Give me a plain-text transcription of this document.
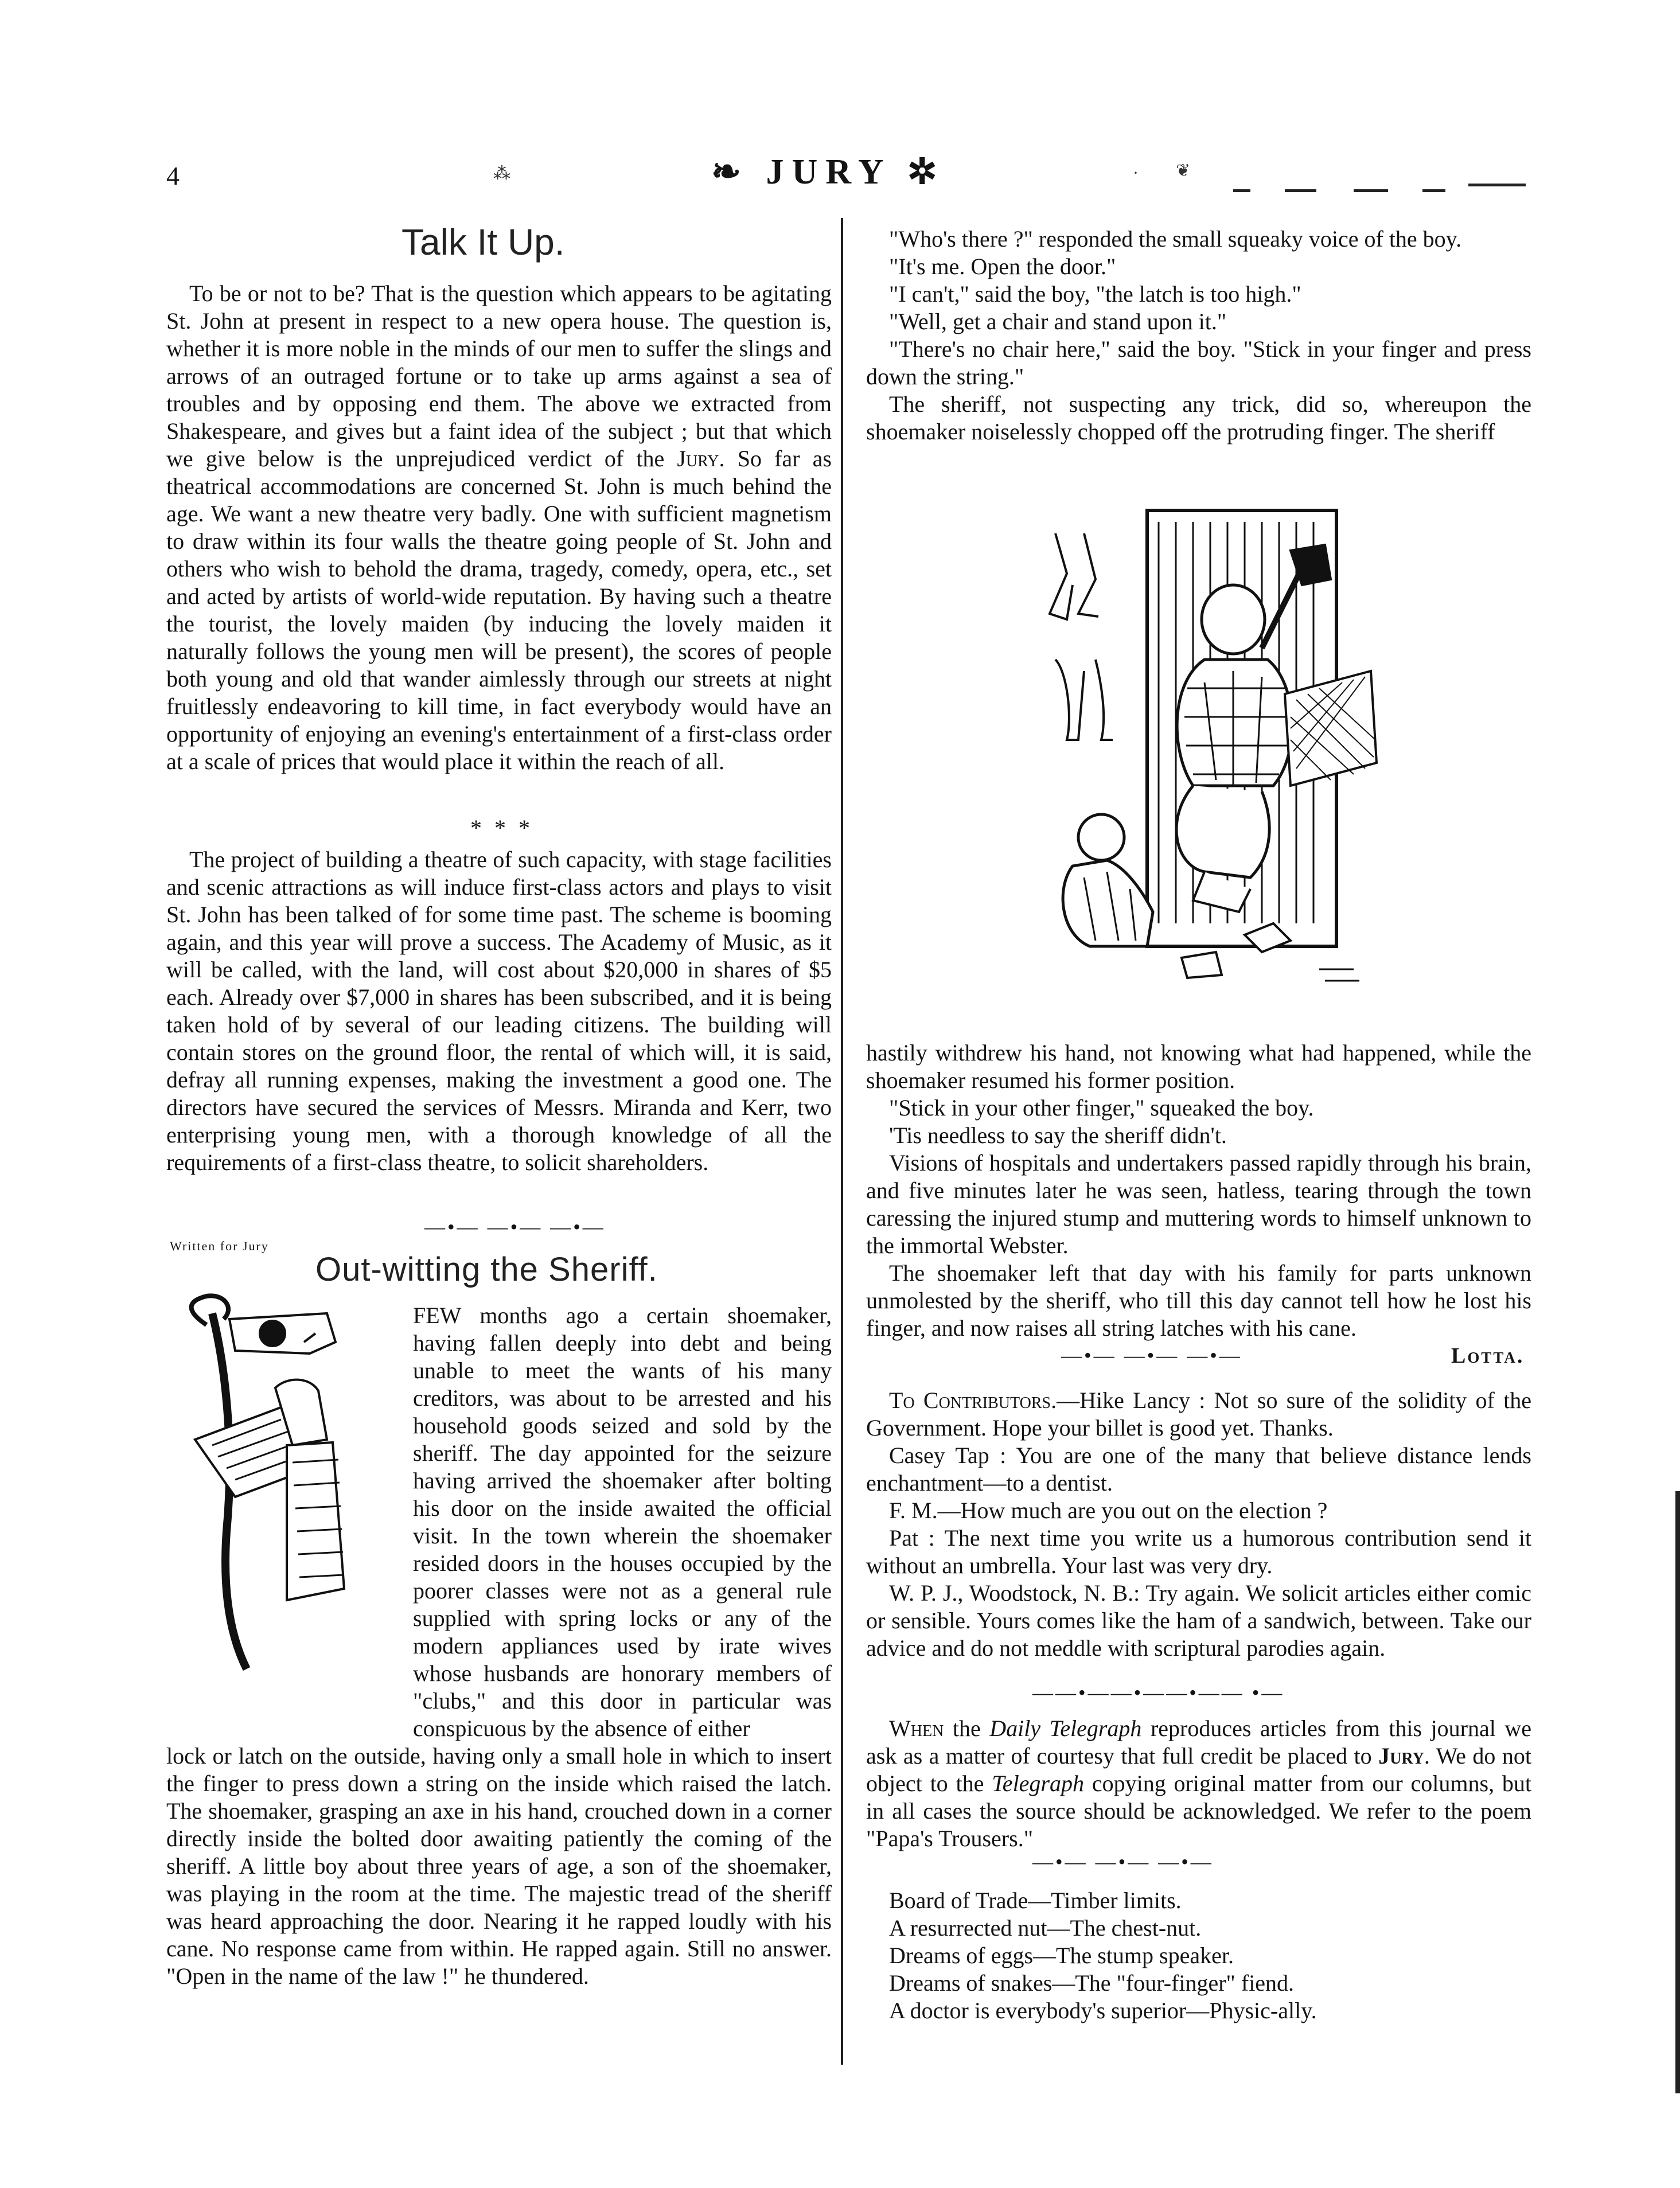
4	⁂	❧ JURY ✲	· ❦
Talk It Up.

To be or not to be? That is the question which appears to be agitating St. John at present in respect to a new opera house. The question is, whether it is more noble in the minds of our men to suffer the slings and arrows of an outraged fortune or to take up arms against a sea of troubles and by opposing end them. The above we extracted from Shakespeare, and gives but a faint idea of the subject ; but that which we give below is the unprejudiced verdict of the Jury. So far as theatrical accommodations are concerned St. John is much behind the age. We want a new theatre very badly. One with sufficient magnetism to draw within its four walls the theatre going people of St. John and others who wish to behold the drama, tragedy, comedy, opera, etc., set and acted by artists of world-wide reputation. By having such a theatre the tourist, the lovely maiden (by inducing the lovely maiden it naturally follows the young men will be present), the scores of people both young and old that wander aimlessly through our streets at night fruitlessly endeavoring to kill time, in fact everybody would have an opportunity of enjoying an evening's entertainment of a first-class order at a scale of prices that would place it within the reach of all.

* * *

The project of building a theatre of such capacity, with stage facilities and scenic attractions as will induce first-class actors and plays to visit St. John has been talked of for some time past. The scheme is booming again, and this year will prove a success. The Academy of Music, as it will be called, with the land, will cost about $20,000 in shares of $5 each. Already over $7,000 in shares has been subscribed, and it is being taken hold of by several of our leading citizens. The building will contain stores on the ground floor, the rental of which will, it is said, defray all running expenses, making the investment a good one. The directors have secured the services of Messrs. Miranda and Kerr, two enterprising young men, with a thorough knowledge of all the requirements of a first-class theatre, to solicit shareholders.

—•— —•— —•—
Written for Jury
Out-witting the Sheriff.

FEW months ago a certain shoemaker, having fallen deeply into debt and being unable to meet the wants of his many creditors, was about to be arrested and his household goods seized and sold by the sheriff. The day appointed for the seizure having arrived the shoemaker after bolting his door on the inside awaited the official visit. In the town wherein the shoemaker resided doors in the houses occupied by the poorer classes were not as a general rule supplied with spring locks or any of the modern appliances used by irate wives whose husbands are honorary members of "clubs," and this door in particular was conspicuous by the absence of either

lock or latch on the outside, having only a small hole in which to insert the finger to press down a string on the inside which raised the latch. The shoemaker, grasping an axe in his hand, crouched down in a corner directly inside the bolted door awaiting patiently the coming of the sheriff. A little boy about three years of age, a son of the shoemaker, was playing in the room at the time. The majestic tread of the sheriff was heard approaching the door. Nearing it he rapped loudly with his cane. No response came from within. He rapped again. Still no answer. "Open in the name of the law !" he thundered.

"Who's there ?" responded the small squeaky voice of the boy.

"It's me. Open the door."

"I can't," said the boy, "the latch is too high."

"Well, get a chair and stand upon it."

"There's no chair here," said the boy. "Stick in your finger and press down the string."

The sheriff, not suspecting any trick, did so, whereupon the shoemaker noiselessly chopped off the protruding finger. The sheriff

hastily withdrew his hand, not knowing what had happened, while the shoemaker resumed his former position.

"Stick in your other finger," squeaked the boy.

'Tis needless to say the sheriff didn't.

Visions of hospitals and undertakers passed rapidly through his brain, and five minutes later he was seen, hatless, tearing through the town caressing the injured stump and muttering words to himself unknown to the immortal Webster.

The shoemaker left that day with his family for parts unknown unmolested by the sheriff, who till this day cannot tell how he lost his finger, and now raises all string latches with his cane.

Lotta.
—•— —•— —•—

To Contributors.—Hike Lancy : Not so sure of the solidity of the Government. Hope your billet is good yet. Thanks.

Casey Tap : You are one of the many that believe distance lends enchantment—to a dentist.

F. M.—How much are you out on the election ?

Pat : The next time you write us a humorous contribution send it without an umbrella. Your last was very dry.

W. P. J., Woodstock, N. B.: Try again. We solicit articles either comic or sensible. Yours comes like the ham of a sandwich, between. Take our advice and do not meddle with scriptural parodies again.

——•——•——•—— •—

When the Daily Telegraph reproduces articles from this journal we ask as a matter of courtesy that full credit be placed to Jury. We do not object to the Telegraph copying original matter from our columns, but in all cases the source should be acknowledged. We refer to the poem "Papa's Trousers."

—•— —•— —•—

Board of Trade—Timber limits.

A resurrected nut—The chest-nut.

Dreams of eggs—The stump speaker.

Dreams of snakes—The "four-finger" fiend.

A doctor is everybody's superior—Physic-ally.
